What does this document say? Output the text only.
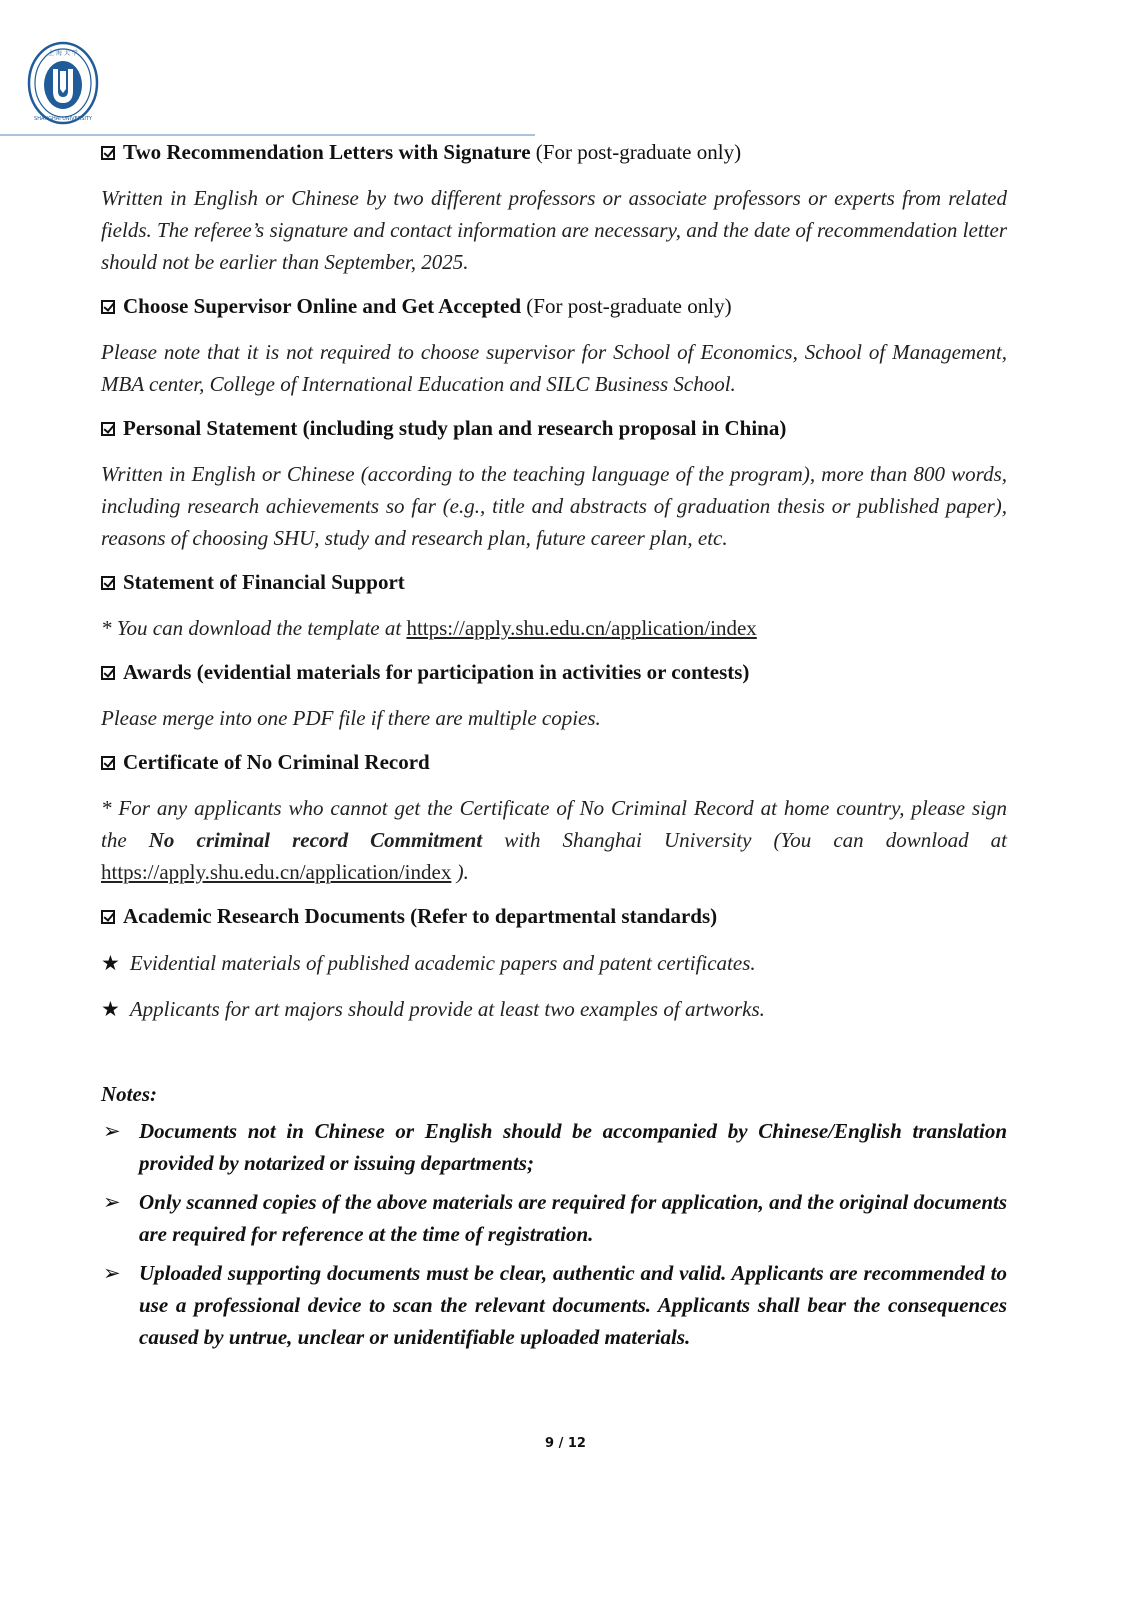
上 海 大 学
SHANGHAI UNIVERSITY

Two Recommendation Letters with Signature (For post-graduate only)

Written in English or Chinese by two different professors or associate professors or experts from related fields. The referee’s signature and contact information are necessary, and the date of recommendation letter should not be earlier than September, 2025.

Choose Supervisor Online and Get Accepted (For post-graduate only)

Please note that it is not required to choose supervisor for School of Economics, School of Management, MBA center, College of International Education and SILC Business School.

Personal Statement (including study plan and research proposal in China)

Written in English or Chinese (according to the teaching language of the program), more than 800 words, including research achievements so far (e.g., title and abstracts of graduation thesis or published paper), reasons of choosing SHU, study and research plan, future career plan, etc.

Statement of Financial Support

* You can download the template at https://apply.shu.edu.cn/application/index

Awards (evidential materials for participation in activities or contests)

Please merge into one PDF file if there are multiple copies.

Certificate of No Criminal Record

* For any applicants who cannot get the Certificate of No Criminal Record at home country, please sign the No criminal record Commitment with Shanghai University (You can download at https://apply.shu.edu.cn/application/index ).

Academic Research Documents (Refer to departmental standards)

★ Evidential materials of published academic papers and patent certificates.

★ Applicants for art majors should provide at least two examples of artworks.

Notes:

➢ Documents not in Chinese or English should be accompanied by Chinese/English translation provided by notarized or issuing departments;

➢ Only scanned copies of the above materials are required for application, and the original documents are required for reference at the time of registration.

➢ Uploaded supporting documents must be clear, authentic and valid. Applicants are recommended to use a professional device to scan the relevant documents. Applicants shall bear the consequences caused by untrue, unclear or unidentifiable uploaded materials.

9 / 12
